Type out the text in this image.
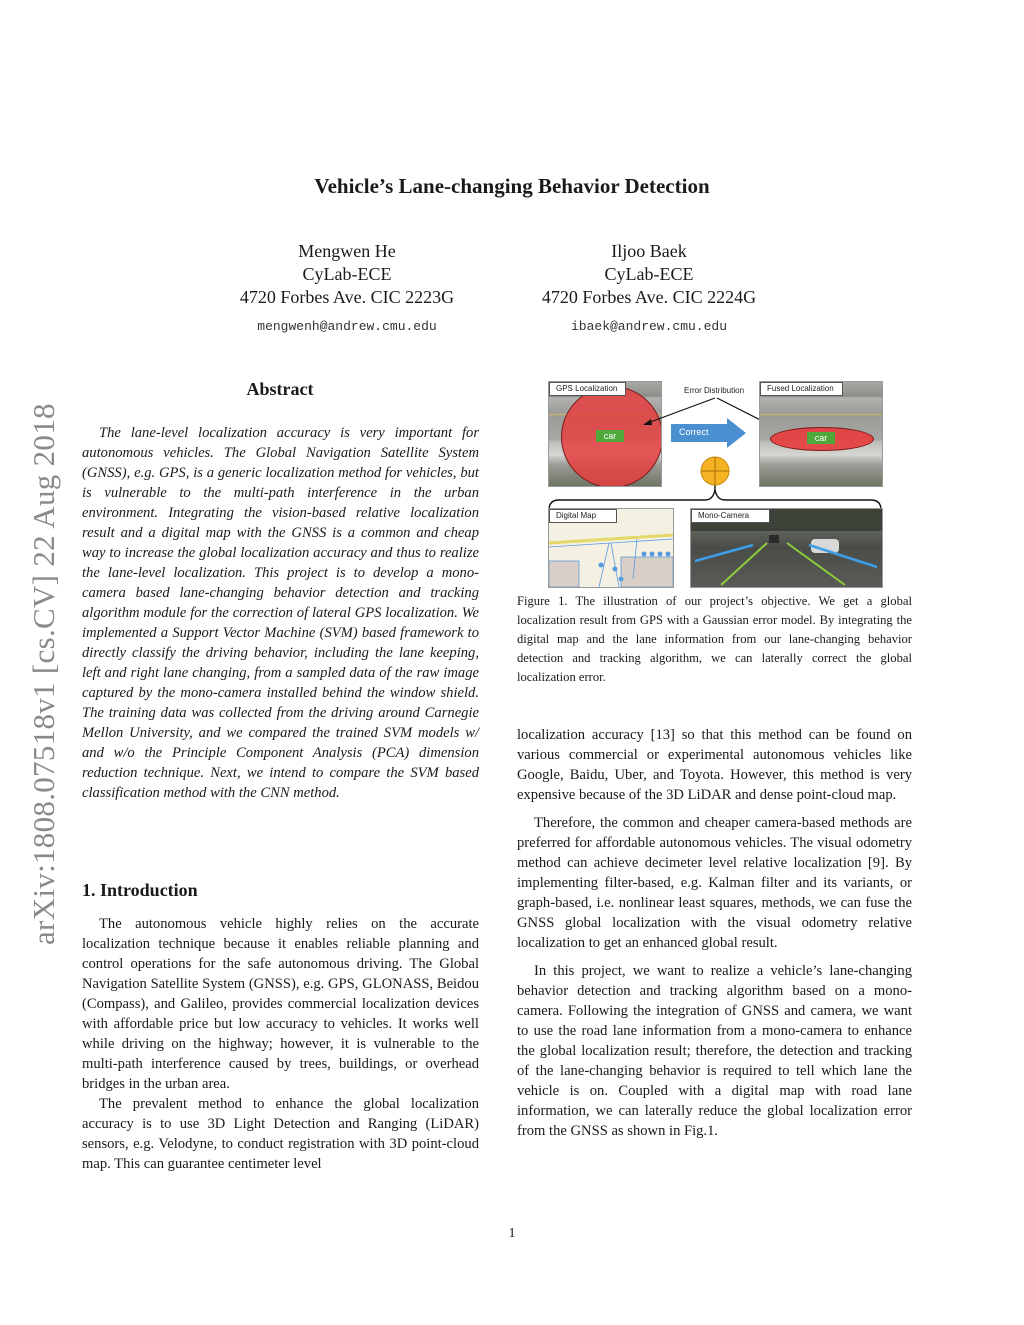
arXiv:1808.07518v1 [cs.CV] 22 Aug 2018
Vehicle’s Lane-changing Behavior Detection
Mengwen He
CyLab-ECE
4720 Forbes Ave. CIC 2223G
mengwenh@andrew.cmu.edu
Iljoo Baek
CyLab-ECE
4720 Forbes Ave. CIC 2224G
ibaek@andrew.cmu.edu
Abstract

The lane-level localization accuracy is very important for autonomous vehicles. The Global Navigation Satellite System (GNSS), e.g. GPS, is a generic localization method for vehicles, but is vulnerable to the multi-path interference in the urban environment. Integrating the vision-based relative localization result and a digital map with the GNSS is a common and cheap way to increase the global localization accuracy and thus to realize the lane-level localization. This project is to develop a mono-camera based lane-changing behavior detection and tracking algorithm module for the correction of lateral GPS localization. We implemented a Support Vector Machine (SVM) based framework to directly classify the driving behavior, including the lane keeping, left and right lane changing, from a sampled data of the raw image captured by the mono-camera installed behind the window shield. The training data was collected from the driving around Carnegie Mellon University, and we compared the trained SVM models w/ and w/o the Principle Component Analysis (PCA) dimension reduction technique. Next, we intend to compare the SVM based classification method with the CNN method.

1. Introduction

The autonomous vehicle highly relies on the accurate localization technique because it enables reliable planning and control operations for the safe autonomous driving. The Global Navigation Satellite System (GNSS), e.g. GPS, GLONASS, Beidou (Compass), and Galileo, provides commercial localization devices with affordable price but low accuracy to vehicles. It works well while driving on the highway; however, it is vulnerable to the multi-path interference caused by trees, buildings, or overhead bridges in the urban area.

The prevalent method to enhance the global localization accuracy is to use 3D Light Detection and Ranging (LiDAR) sensors, e.g. Velodyne, to conduct registration with 3D point-cloud map. This can guarantee centimeter level

car
GPS Localization	Error Distribution
Correct
car
Fused Localization
Digital Map	Mono-Camera
Figure 1. The illustration of our project’s objective. We get a global localization result from GPS with a Gaussian error model. By integrating the digital map and the lane information from our lane-changing behavior detection and tracking algorithm, we can laterally correct the global localization error.

localization accuracy [13] so that this method can be found on various commercial or experimental autonomous vehicles like Google, Baidu, Uber, and Toyota. However, this method is very expensive because of the 3D LiDAR and dense point-cloud map.

Therefore, the common and cheaper camera-based methods are preferred for affordable autonomous vehicles. The visual odometry method can achieve decimeter level relative localization [9]. By implementing filter-based, e.g. Kalman filter and its variants, or graph-based, i.e. nonlinear least squares, methods, we can fuse the GNSS global localization with the visual odometry relative localization to get an enhanced global result.

In this project, we want to realize a vehicle’s lane-changing behavior detection and tracking algorithm based on a mono-camera. Following the integration of GNSS and camera, we want to use the road lane information from a mono-camera to enhance the global localization result; therefore, the detection and tracking of the lane-changing behavior is required to tell which lane the vehicle is on. Coupled with a digital map with road lane information, we can laterally reduce the global localization error from the GNSS as shown in Fig.1.

1
